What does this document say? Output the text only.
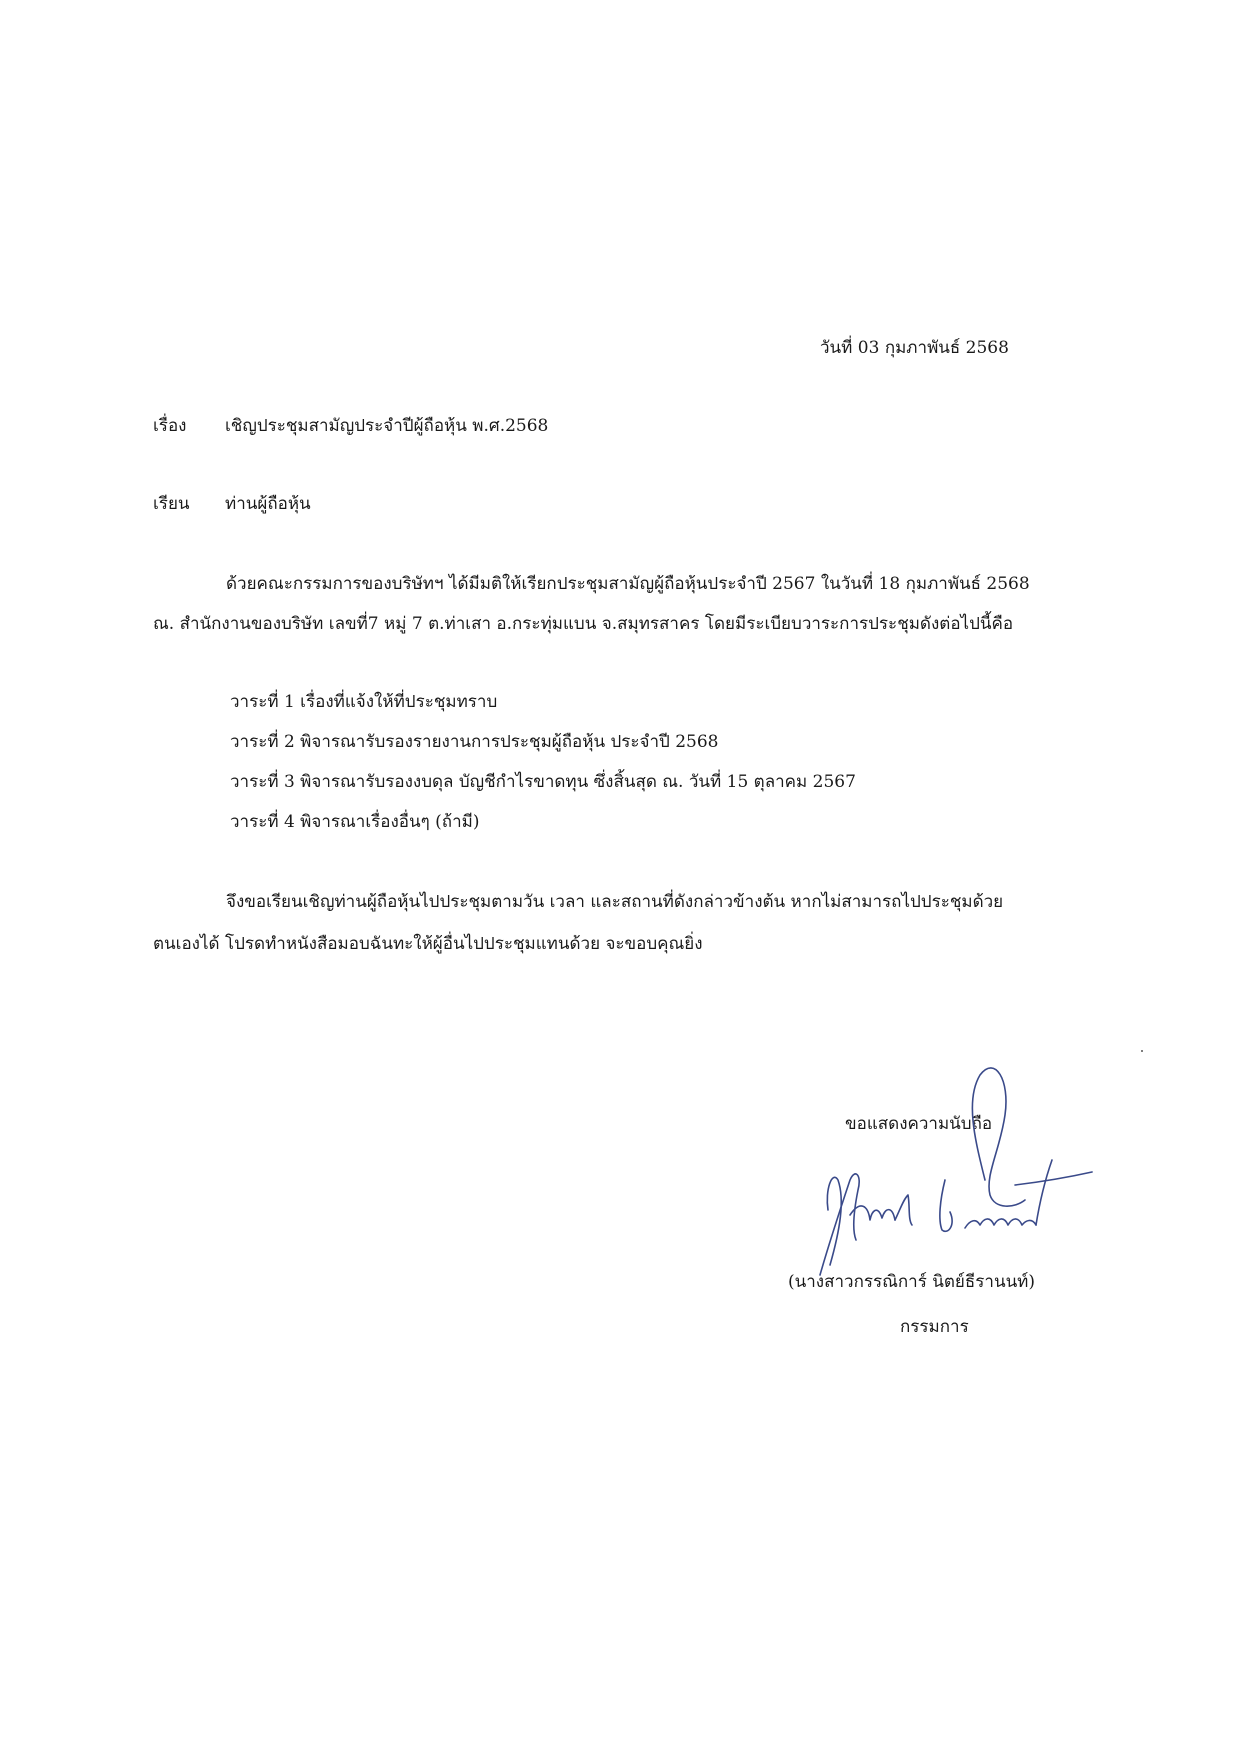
วันที่ 03 กุมภาพันธ์ 2568
เรื่อง เชิญประชุมสามัญประจำปีผู้ถือหุ้น พ.ศ.2568
เรียน ท่านผู้ถือหุ้น
ด้วยคณะกรรมการของบริษัทฯ ได้มีมติให้เรียกประชุมสามัญผู้ถือหุ้นประจำปี 2567 ในวันที่ 18 กุมภาพันธ์ 2568
ณ. สำนักงานของบริษัท เลขที่7 หมู่ 7 ต.ท่าเสา อ.กระทุ่มแบน จ.สมุทรสาคร โดยมีระเบียบวาระการประชุมดังต่อไปนี้คือ
วาระที่ 1 เรื่องที่แจ้งให้ที่ประชุมทราบ
วาระที่ 2 พิจารณารับรองรายงานการประชุมผู้ถือหุ้น ประจำปี 2568
วาระที่ 3 พิจารณารับรองงบดุล บัญชีกำไรขาดทุน ซึ่งสิ้นสุด ณ. วันที่ 15 ตุลาคม 2567
วาระที่ 4 พิจารณาเรื่องอื่นๆ (ถ้ามี)
จึงขอเรียนเชิญท่านผู้ถือหุ้นไปประชุมตามวัน เวลา และสถานที่ดังกล่าวข้างต้น หากไม่สามารถไปประชุมด้วย
ตนเองได้ โปรดทำหนังสือมอบฉันทะให้ผู้อื่นไปประชุมแทนด้วย จะขอบคุณยิ่ง
ขอแสดงความนับถือ
(นางสาวกรรณิการ์ นิตย์ธีรานนท์)
กรรมการ
